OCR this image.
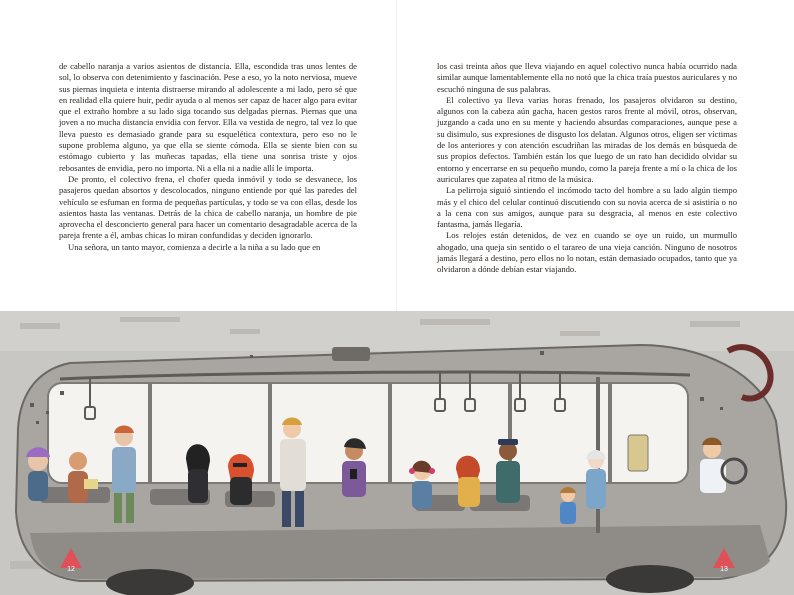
de cabello naranja a varios asientos de distancia. Ella, escondida tras unos lentes de sol, lo observa con detenimiento y fascinación. Pese a eso, yo la noto nerviosa, mueve sus piernas inquieta e intenta distraerse mirando al adolescente a mi lado, pero sé que en realidad ella quiere huir, pedir ayuda o al menos ser capaz de hacer algo para evitar que el extraño hombre a su lado siga tocando sus delgadas piernas. Piernas que una joven a no mucha distancia envidia con fervor. Ella va vestida de negro, tal vez lo que lleva puesto es demasiado grande para su esquelética contextura, pero eso no le supone problema alguno, ya que ella se siente cómoda. Ella se siente bien con su estómago cubierto y las muñecas tapadas, ella tiene una sonrisa triste y ojos rebosantes de envidia, pero no importa. Ni a ella ni a nadie allí le importa.

De pronto, el colectivo frena, el chofer queda inmóvil y todo se desvanece, los pasajeros quedan absortos y descolocados, ninguno entiende por qué las paredes del vehículo se esfuman en forma de pequeñas partículas, y todo se va con ellas, desde los asientos hasta las ventanas. Detrás de la chica de cabello naranja, un hombre de pie aprovecha el desconcierto general para hacer un comentario desagradable acerca de la pareja frente a él, ambas chicas lo miran confundidas y deciden ignorarlo.

Una señora, un tanto mayor, comienza a decirle a la niña a su lado que en

los casi treinta años que lleva viajando en aquel colectivo nunca había ocurrido nada similar aunque lamentablemente ella no notó que la chica traía puestos auriculares y no escuchó ninguna de sus palabras.

El colectivo ya lleva varias horas frenado, los pasajeros olvidaron su destino, algunos con la cabeza aún gacha, hacen gestos raros frente al móvil, otros, observan, juzgando a cada uno en su mente y haciendo absurdas comparaciones, aunque pese a su disimulo, sus expresiones de disgusto los delatan. Algunos otros, eligen ser víctimas de los anteriores y con atención escudriñan las miradas de los demás en búsqueda de sus propios defectos. También están los que luego de un rato han decidido olvidar su entorno y encerrarse en su pequeño mundo, como la pareja frente a mí o la chica de los auriculares que zapatea al ritmo de la música.

La pelirroja siguió sintiendo el incómodo tacto del hombre a su lado algún tiempo más y el chico del celular continuó discutiendo con su novia acerca de si asistiría o no a la cena con sus amigos, aunque para su desgracia, al menos en este colectivo fantasma, jamás llegaría.

Los relojes están detenidos, de vez en cuando se oye un ruido, un murmullo ahogado, una queja sin sentido o el tarareo de una vieja canción. Ninguno de nosotros jamás llegará a destino, pero ellos no lo notan, están demasiado ocupados, tanto que ya olvidaron a dónde debían estar viajando.

12	13
